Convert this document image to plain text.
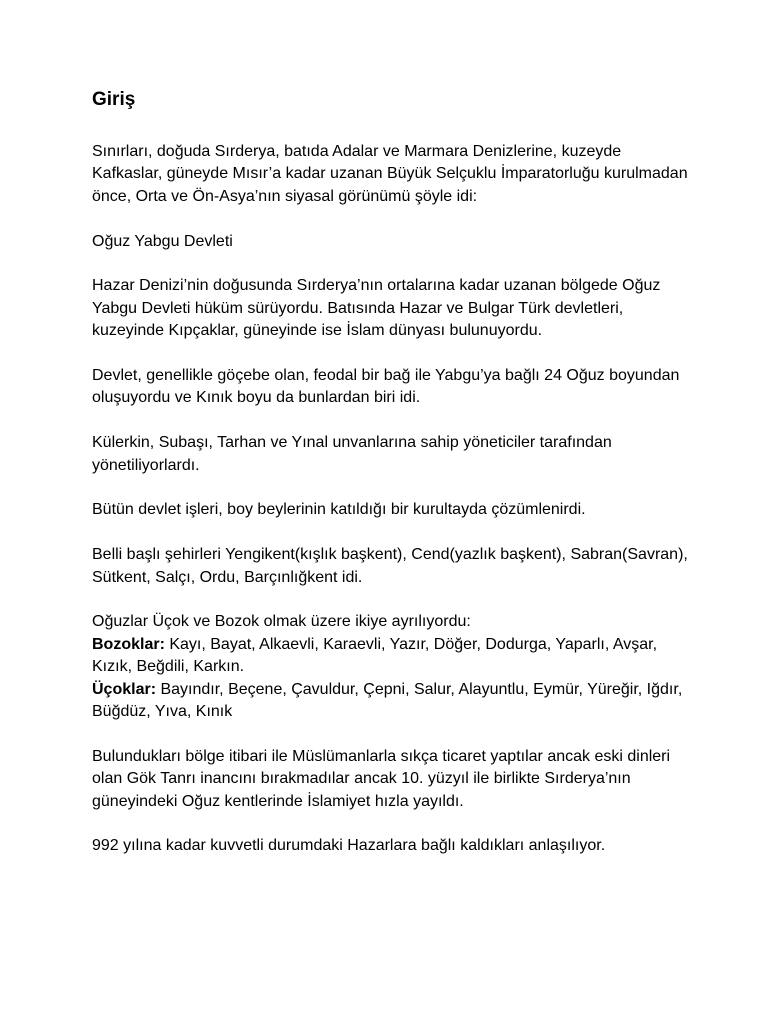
Giriş

Sınırları, doğuda Sırderya, batıda Adalar ve Marmara Denizlerine, kuzeyde Kafkaslar, güneyde Mısır’a kadar uzanan Büyük Selçuklu İmparatorluğu kurulmadan önce, Orta ve Ön-Asya’nın siyasal görünümü şöyle idi:

Oğuz Yabgu Devleti

Hazar Denizi’nin doğusunda Sırderya’nın ortalarına kadar uzanan bölgede Oğuz Yabgu Devleti hüküm sürüyordu. Batısında Hazar ve Bulgar Türk devletleri, kuzeyinde Kıpçaklar, güneyinde ise İslam dünyası bulunuyordu.

Devlet, genellikle göçebe olan, feodal bir bağ ile Yabgu’ya bağlı 24 Oğuz boyundan oluşuyordu ve Kınık boyu da bunlardan biri idi.

Külerkin, Subaşı, Tarhan ve Yınal unvanlarına sahip yöneticiler tarafından yönetiliyorlardı.

Bütün devlet işleri, boy beylerinin katıldığı bir kurultayda çözümlenirdi.

Belli başlı şehirleri Yengikent(kışlık başkent), Cend(yazlık başkent), Sabran(Savran), Sütkent, Salçı, Ordu, Barçınlığkent idi.

Oğuzlar Üçok ve Bozok olmak üzere ikiye ayrılıyordu:

Bozoklar: Kayı, Bayat, Alkaevli, Karaevli, Yazır, Döğer, Dodurga, Yaparlı, Avşar, Kızık, Beğdili, Karkın.

Üçoklar: Bayındır, Beçene, Çavuldur, Çepni, Salur, Alayuntlu, Eymür, Yüreğir, Iğdır, Büğdüz, Yıva, Kınık

Bulundukları bölge itibari ile Müslümanlarla sıkça ticaret yaptılar ancak eski dinleri olan Gök Tanrı inancını bırakmadılar ancak 10. yüzyıl ile birlikte Sırderya’nın güneyindeki Oğuz kentlerinde İslamiyet hızla yayıldı.

992 yılına kadar kuvvetli durumdaki Hazarlara bağlı kaldıkları anlaşılıyor.
